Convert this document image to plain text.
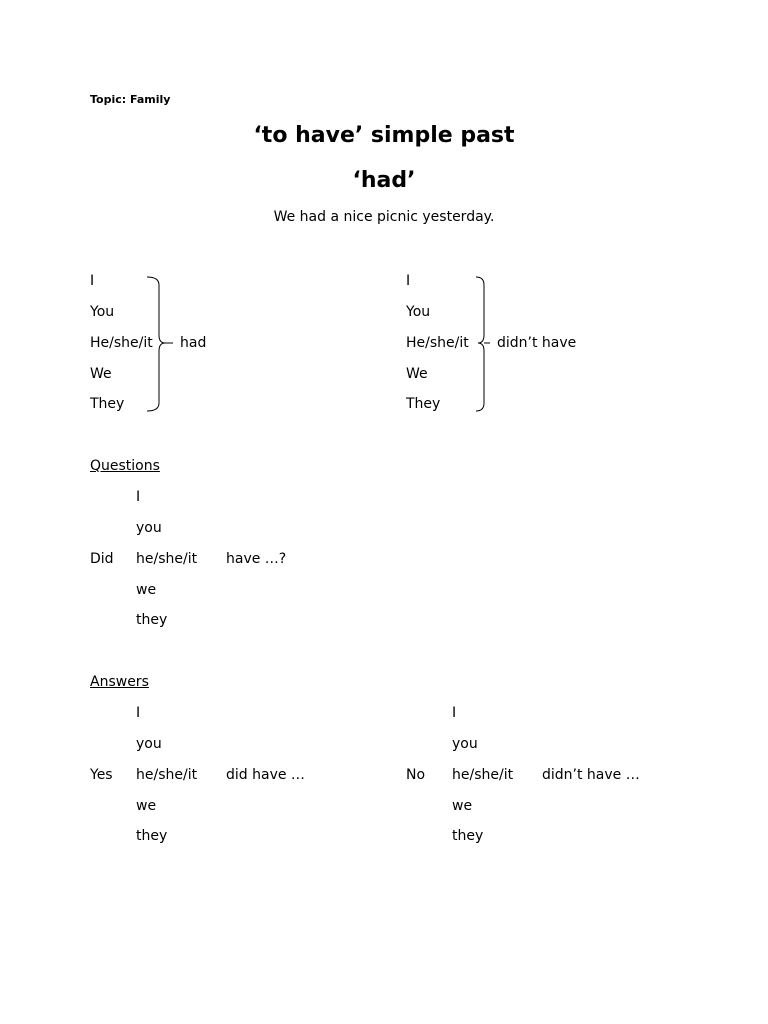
Topic: Family
‘to have’ simple past
‘had’
We had a nice picnic yesterday.
I
You
He/she/it
We
They
had
I
You
He/she/it
We
They
didn’t have
Questions
I
you
Did he/she/it have …?
we
they
Answers
I
you
Yes he/she/it did have …
we
they
I
you
No he/she/it didn’t have …
we
they
